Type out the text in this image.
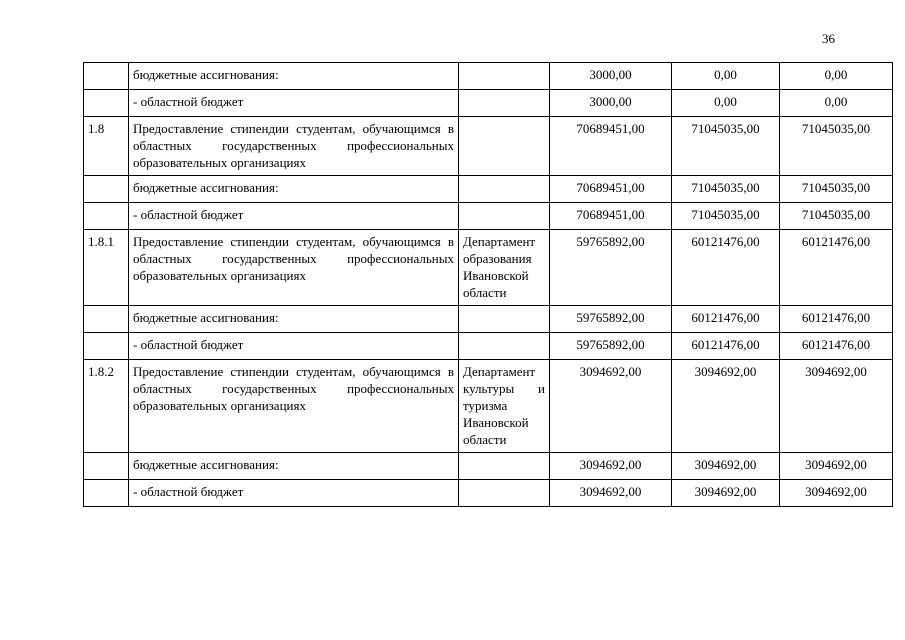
36
	бюджетные ассигнования:		3000,00	0,00	0,00
	- областной бюджет		3000,00	0,00	0,00
1.8	Предоставление стипендии студентам, обучающимся в областных государственных профессиональных образовательных организациях		70689451,00	71045035,00	71045035,00
	бюджетные ассигнования:		70689451,00	71045035,00	71045035,00
	- областной бюджет		70689451,00	71045035,00	71045035,00
1.8.1	Предоставление стипендии студентам, обучающимся в областных государственных профессиональных образовательных организациях	Департамент образования Ивановской области	59765892,00	60121476,00	60121476,00
	бюджетные ассигнования:		59765892,00	60121476,00	60121476,00
	- областной бюджет		59765892,00	60121476,00	60121476,00
1.8.2	Предоставление стипендии студентам, обучающимся в областных государственных профессиональных образовательных организациях	Департамент культуры и туризма Ивановской области	3094692,00	3094692,00	3094692,00
	бюджетные ассигнования:		3094692,00	3094692,00	3094692,00
	- областной бюджет		3094692,00	3094692,00	3094692,00
